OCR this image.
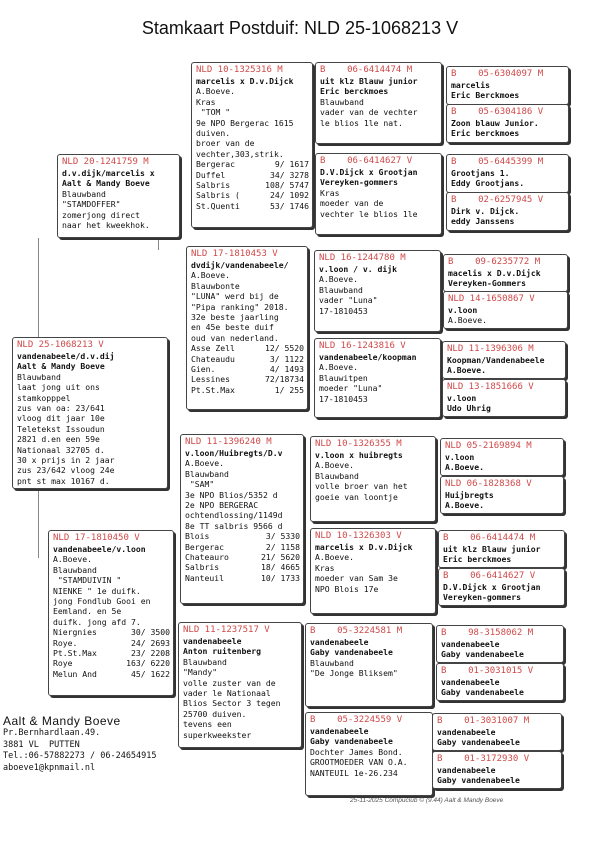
Stamkaart Postduif: NLD 25-1068213 V
NLD 25-1068213 V
vandenabeele/d.v.dij
Aalt & Mandy Boeve
Blauwband
laat jong uit ons
stamkopppel
zus van oa: 23/641
vloog dit jaar 10e
Teletekst Issoudun
2821 d.en een 59e
Nationaal 32705 d.
30 x prijs in 2 jaar
zus 23/642 vloog 24e
pnt st max 10167 d.
NLD 20-1241759 M
d.v.dijk/marcelis x
Aalt & Mandy Boeve
Blauwband
"STAMDOFFER"
zomerjong direct
naar het kweekhok.
NLD 17-1810450 V
vandenabeele/v.loon
A.Boeve.
Blauwband
"STAMDUIVIN "
NIENKE " 1e duifk.
jong Fondlub Gooi en
Eemland. en 5e
duifk. jong afd 7.
Niergnies	30/ 3500
Roye.	24/ 2693
Pt.St.Max	23/ 2208
Roye	163/ 6220
Melun And	45/ 1622
NLD 10-1325316 M
marcelis x D.v.Dijck
A.Boeve.
Kras
"TOM "
9e NPO Bergerac 1615
duiven.
broer van de
vechter,303,strik.
Bergerac	9/ 1617
Duffel	34/ 3278
Salbris	108/ 5747
Salbris (	24/ 1092
St.Quenti	53/ 1746
NLD 17-1810453 V
dvdijk/vandenabeele/
A.Boeve.
Blauwbonte
"LUNA" werd bij de
"Pipa ranking" 2018.
32e beste jaarling
en 45e beste duif
oud van nederland.
Asse Zell	12/ 5520
Chateaudu	3/ 1122
Gien.	4/ 1493
Lessines	72/18734
Pt.St.Max	1/ 255
NLD 11-1396240 M
v.loon/Huibregts/D.v
A.Boeve.
Blauwband
"SAM"
3e NPO Blios/5352 d
2e NPO BERGERAC
ochtendlossing/1149d
8e TT salbris 9566 d
Blois	3/ 5330
Bergerac	2/ 1158
Chateauro	21/ 5620
Salbris	18/ 4665
Nanteuil	10/ 1733
NLD 11-1237517 V
vandenabeele
Anton ruitenberg
Blauwband
"Mandy"
volle zuster van de
vader le Nationaal
Blios Sector 3 tegen
25700 duiven.
tevens een
superkweekster
B    06-6414474 M
uit klz Blauw junior
Eric berckmoes
Blauwband
vader van de vechter
le blios 1le nat.
B    06-6414627 V
D.V.Dijck x Grootjan
Vereyken-gommers
Kras
moeder van de
vechter le blios 1le
NLD 16-1244780 M
v.loon / v. dijk
A.Boeve.
Blauwband
vader "Luna"
17-1810453
NLD 16-1243816 V
vandenabeele/koopman
A.Boeve.
Blauwitpen
moeder "Luna"
17-1810453
NLD 10-1326355 M
v.loon x huibregts
A.Boeve.
Blauwband
volle broer van het
goeie van loontje
NLD 10-1326303 V
marcelis x D.v.Dijck
A.Boeve.
Kras
moeder van Sam 3e
NPO Blois 17e
B    05-3224581 M
vandenabeele
Gaby vandenabeele
Blauwband
"De Jonge Bliksem"
B    05-3224559 V
vandenabeele
Gaby vandenabeele
Dochter James Bond.
GROOTMOEDER VAN O.A.
NANTEUIL 1e-26.234
B    05-6304097 M
marcelis
Eric Berckmoes
B    05-6304186 V
Zoon blauw Junior.
Eric berckmoes
B    05-6445399 M
Grootjans 1.
Eddy Grootjans.
B    02-6257945 V
Dirk v. Dijck.
eddy Janssens
B    09-6235772 M
macelis x D.v.Dijck
Vereyken-Gommers
NLD 14-1650867 V
v.loon
A.Boeve.
NLD 11-1396306 M
Koopman/Vandenabeele
A.Boeve.
NLD 13-1851666 V
v.loon
Udo Uhrig
NLD 05-2169894 M
v.loon
A.Boeve.
NLD 06-1828368 V
Huijbregts
A.Boeve.
B    06-6414474 M
uit klz Blauw junior
Eric berckmoes
B    06-6414627 V
D.V.Dijck x Grootjan
Vereyken-gommers
B    98-3158062 M
vandenabeele
Gaby vandenabeele
B    01-3031015 V
vandenabeele
Gaby vandenabeele
B    01-3031007 M
vandenabeele
Gaby vandenabeele
B    01-3172930 V
vandenabeele
Gaby vandenabeele
Aalt & Mandy Boeve
Pr.Bernhardlaan.49.
3881 VL  PUTTEN
Tel.:06-57882273 / 06-24654915
aboeve1@kpnmail.nl
25-11-2025 Compuclub © (9.44) Aalt & Mandy Boeve
